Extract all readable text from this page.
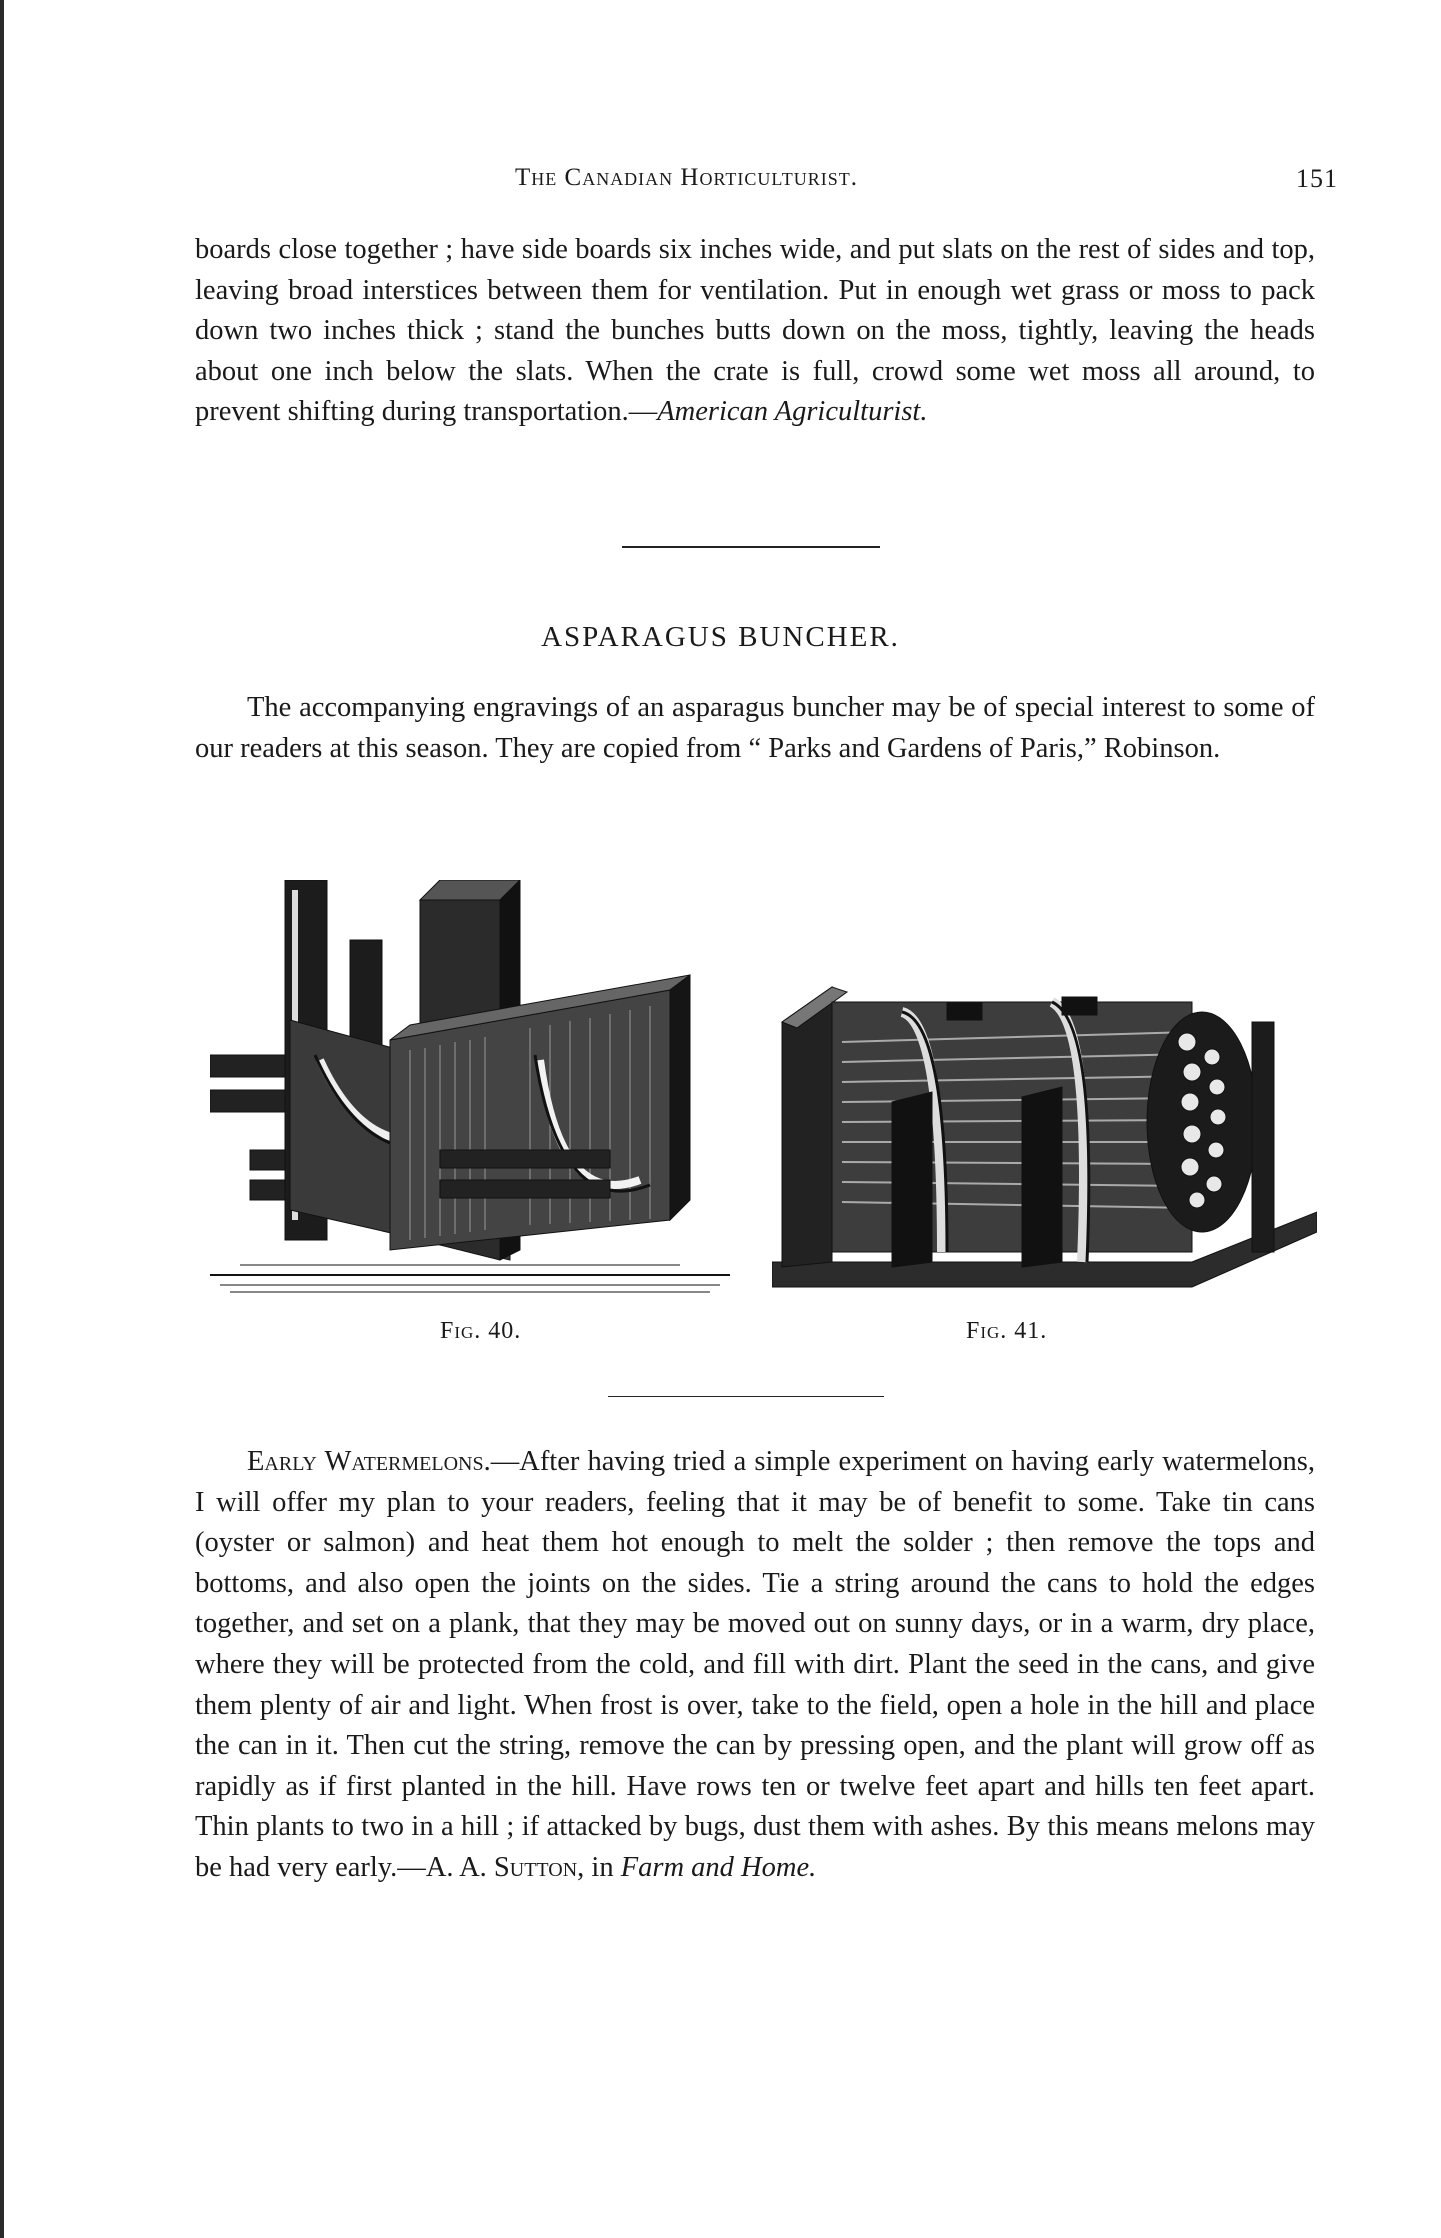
The Canadian Horticulturist.	151

boards close together ; have side boards six inches wide, and put slats on the rest of sides and top, leaving broad interstices between them for ventilation. Put in enough wet grass or moss to pack down two inches thick ; stand the bunches butts down on the moss, tightly, leaving the heads about one inch below the slats. When the crate is full, crowd some wet moss all around, to prevent shifting during transportation.—American Agriculturist.

ASPARAGUS BUNCHER.

The accompanying engravings of an asparagus buncher may be of special interest to some of our readers at this season. They are copied from “ Parks and Gardens of Paris,” Robinson.

Fig. 40.	Fig. 41.

Early Watermelons.—After having tried a simple experiment on having early watermelons, I will offer my plan to your readers, feeling that it may be of benefit to some. Take tin cans (oyster or salmon) and heat them hot enough to melt the solder ; then remove the tops and bottoms, and also open the joints on the sides. Tie a string around the cans to hold the edges together, and set on a plank, that they may be moved out on sunny days, or in a warm, dry place, where they will be protected from the cold, and fill with dirt. Plant the seed in the cans, and give them plenty of air and light. When frost is over, take to the field, open a hole in the hill and place the can in it. Then cut the string, remove the can by pressing open, and the plant will grow off as rapidly as if first planted in the hill. Have rows ten or twelve feet apart and hills ten feet apart. Thin plants to two in a hill ; if attacked by bugs, dust them with ashes. By this means melons may be had very early.—A. A. Sutton, in Farm and Home.
